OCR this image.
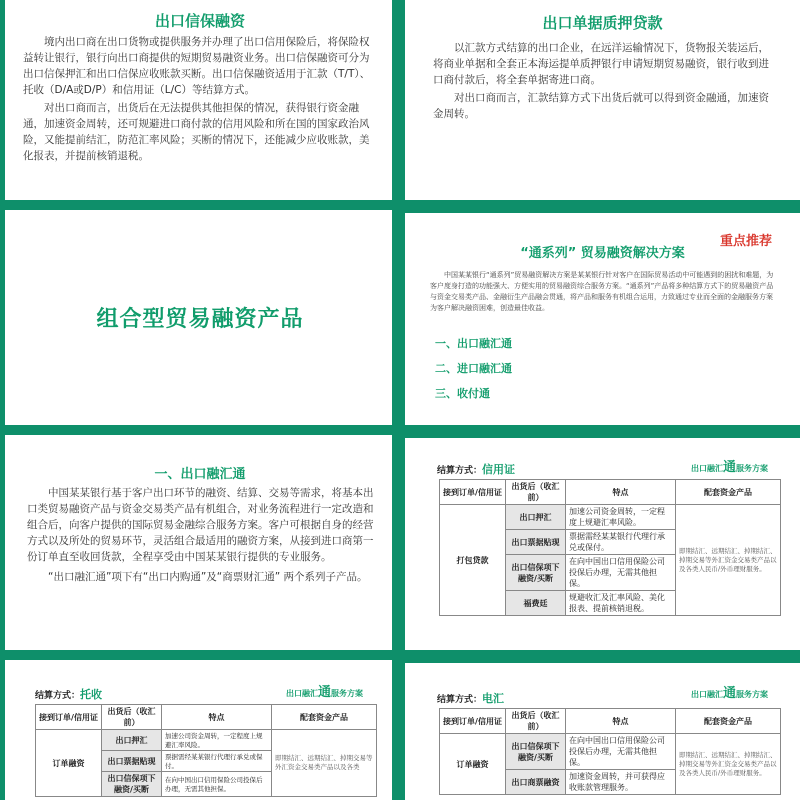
出口信保融资

境内出口商在出口货物或提供服务并办理了出口信用保险后，将保险权益转让银行，银行向出口商提供的短期贸易融资业务。出口信保融资可分为出口信保押汇和出口信保应收账款买断。出口信保融资适用于汇款（T/T）、托收（D/A或D/P）和信用证（L/C）等结算方式。

对出口商而言，出货后在无法提供其他担保的情况，获得银行资金融通，加速资金周转，还可规避进口商付款的信用风险和所在国的国家政治风险，又能提前结汇，防范汇率风险；买断的情况下，还能减少应收账款，美化报表，并提前核销退税。

出口单据质押贷款

以汇款方式结算的出口企业，在远洋运输情况下，货物报关装运后，将商业单据和全套正本海运提单质押银行申请短期贸易融资，银行收到进口商付款后，将全套单据寄进口商。

对出口商而言，汇款结算方式下出货后就可以得到资金融通，加速资金周转。

组合型贸易融资产品
重点推荐
“通系列” 贸易融资解决方案
中国某某银行“通系列”贸易融资解决方案是某某银行针对客户在国际贸易活动中可能遇到的困扰和难题，为客户度身打造的功能强大、方便实用的贸易融资综合服务方案。“通系列”产品将多种结算方式下的贸易融资产品与资金交易类产品、金融衍生产品融会贯通，将产品和服务有机组合运用，力致通过专业而全面的金融服务方案为客户解决融资困难，创造最佳收益。
一、出口融汇通
二、进口融汇通
三、收付通
一、出口融汇通

中国某某银行基于客户出口环节的融资、结算、交易等需求，将基本出口类贸易融资产品与资金交易类产品有机组合，对业务流程进行一定改造和组合后，向客户提供的国际贸易金融综合服务方案。客户可根据自身的经营方式以及所处的贸易环节，灵活组合最适用的融资方案，从接到进口商第一份订单直至收回货款，全程享受由中国某某银行提供的专业服务。

“出口融汇通”项下有“出口内购通”及“商票财汇通” 两个系列子产品。

结算方式：信用证	出口融汇通服务方案
接到订单/信用证	出货后（收汇前）	特点	配套资金产品
打包贷款	出口押汇	加速公司资金周转，一定程度上规避汇率风险。	即期结汇、远期结汇、掉期结汇、掉期交易等外汇资金交易类产品以及各类人民币/外币理财服务。
	出口票据贴现	票据需经某某银行代理行承兑或保付。	
	出口信保项下融资/买断	在向中国出口信用保险公司投保后办理，无需其他担保。	
	福费廷	规避收汇及汇率风险、美化报表、提前核销退税。	
结算方式：托收	出口融汇通服务方案
接到订单/信用证	出货后（收汇前）	特点	配套资金产品
订单融资	出口押汇	加速公司资金周转，一定程度上规避汇率风险。	即期结汇、远期结汇、掉期交易等外汇资金交易类产品以及各类
	出口票据贴现	票据需经某某银行代理行承兑或保付。	
	出口信保项下融资/买断	在向中国出口信用保险公司投保后办理，无需其他担保。	
结算方式：电汇	出口融汇通服务方案
接到订单/信用证	出货后（收汇前）	特点	配套资金产品
订单融资	出口信保项下融资/买断	在向中国出口信用保险公司投保后办理，无需其他担保。	即期结汇、远期结汇、掉期结汇、掉期交易等外汇资金交易类产品以及各类人民币/外币理财服务。
	出口商票融资	加速资金周转，并可获得应收账款管理服务。	
